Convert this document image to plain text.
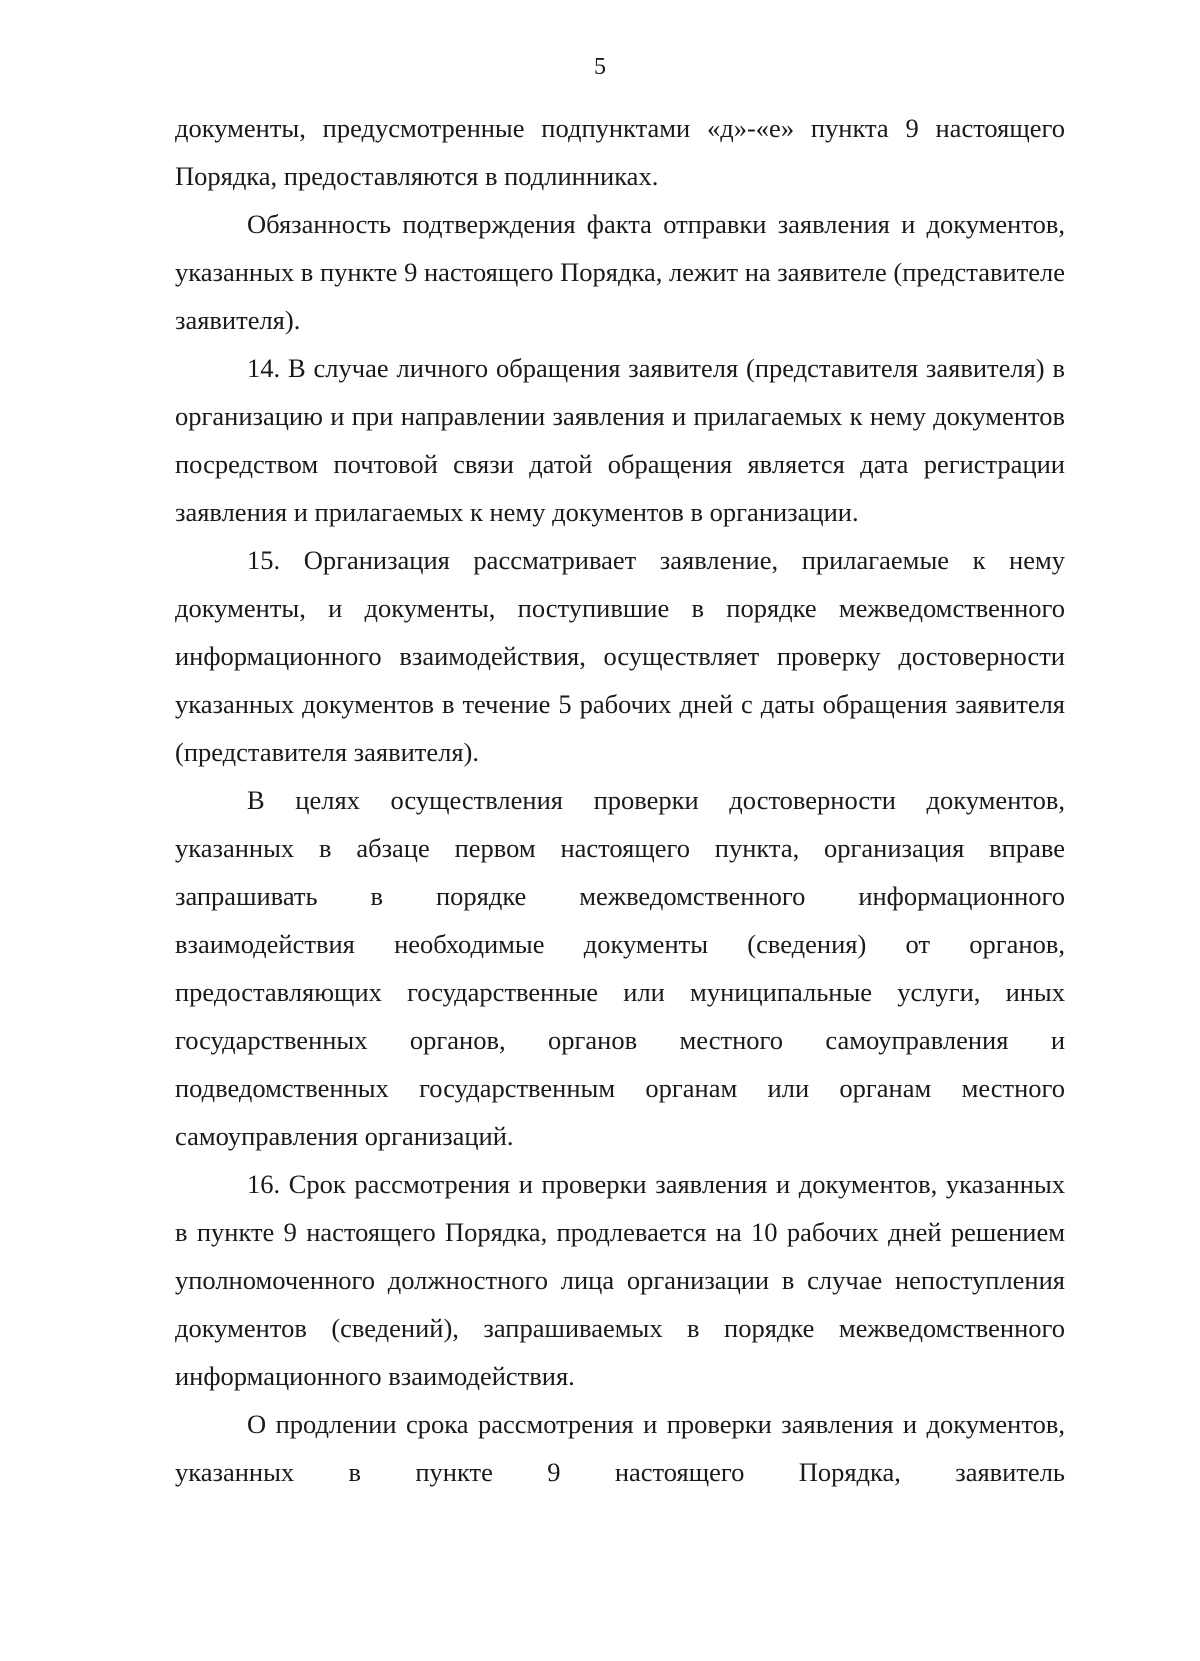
5

документы, предусмотренные подпунктами «д»-«е» пункта 9 настоящего Порядка, предоставляются в подлинниках.

Обязанность подтверждения факта отправки заявления и документов, указанных в пункте 9 настоящего Порядка, лежит на заявителе (представителе заявителя).

14. В случае личного обращения заявителя (представителя заявителя) в организацию и при направлении заявления и прилагаемых к нему документов посредством почтовой связи датой обращения является дата регистрации заявления и прилагаемых к нему документов в организации.

15. Организация рассматривает заявление, прилагаемые к нему документы, и документы, поступившие в порядке межведомственного информационного взаимодействия, осуществляет проверку достоверности указанных документов в течение 5 рабочих дней с даты обращения заявителя (представителя заявителя).

В целях осуществления проверки достоверности документов, указанных в абзаце первом настоящего пункта, организация вправе запрашивать в порядке межведомственного информационного взаимодействия необходимые документы (сведения) от органов, предоставляющих государственные или муниципальные услуги, иных государственных органов, органов местного самоуправления и подведомственных государственным органам или органам местного самоуправления организаций.

16. Срок рассмотрения и проверки заявления и документов, указанных в пункте 9 настоящего Порядка, продлевается на 10 рабочих дней решением уполномоченного должностного лица организации в случае непоступления документов (сведений), запрашиваемых в порядке межведомственного информационного взаимодействия.

О продлении срока рассмотрения и проверки заявления и документов, указанных в пункте 9 настоящего Порядка, заявитель
